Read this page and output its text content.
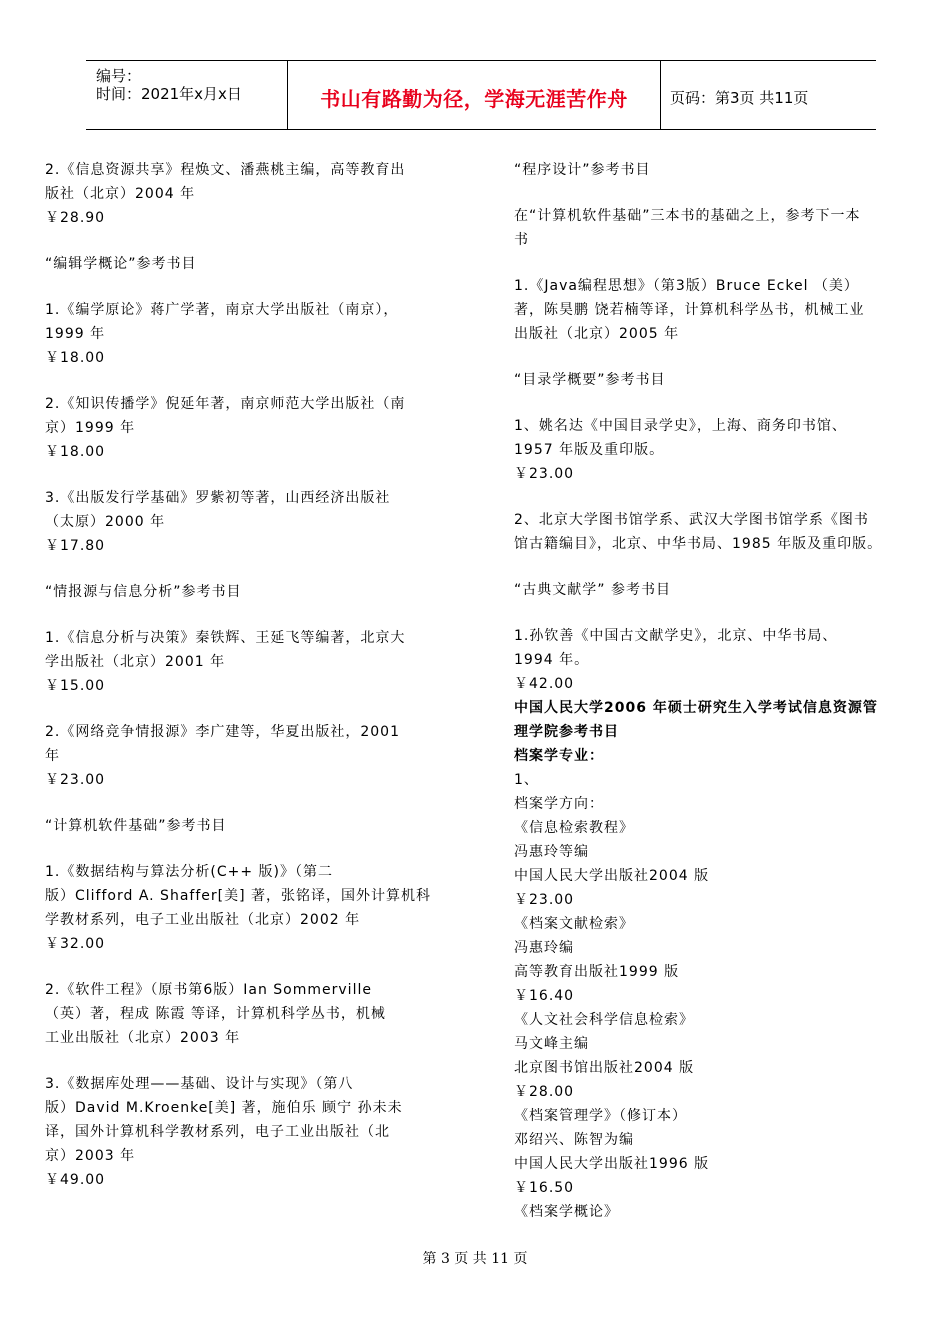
编号：
时间：2021年x月x日	书山有路勤为径，学海无涯苦作舟	页码：第3页 共11页

2.《信息资源共享》程焕文、潘燕桃主编，高等教育出

版社（北京）2004 年

￥28.90

“编辑学概论”参考书目

1.《编学原论》蒋广学著，南京大学出版社（南京），

1999 年

￥18.00

2.《知识传播学》倪延年著，南京师范大学出版社（南

京）1999 年

￥18.00

3.《出版发行学基础》罗紫初等著，山西经济出版社

（太原）2000 年

￥17.80

“情报源与信息分析”参考书目

1.《信息分析与决策》秦铁辉、王延飞等编著，北京大

学出版社（北京）2001 年

￥15.00

2.《网络竞争情报源》李广建等，华夏出版社，2001

年

￥23.00

“计算机软件基础”参考书目

1.《数据结构与算法分析(C++ 版)》（第二

版）Clifford A. Shaffer[美] 著，张铭译，国外计算机科

学教材系列，电子工业出版社（北京）2002 年

￥32.00

2.《软件工程》（原书第6版）Ian Sommerville

（英）著，程成 陈霞 等译，计算机科学丛书，机械

工业出版社（北京）2003 年

3.《数据库处理——基础、设计与实现》（第八

版）David M.Kroenke[美] 著，施伯乐 顾宁 孙未未

译，国外计算机科学教材系列，电子工业出版社（北

京）2003 年

￥49.00

“程序设计”参考书目

在“计算机软件基础”三本书的基础之上，参考下一本

书

1.《Java编程思想》（第3版）Bruce Eckel （美）

著，陈昊鹏 饶若楠等译，计算机科学丛书，机械工业

出版社（北京）2005 年

“目录学概要”参考书目

1、姚名达《中国目录学史》，上海、商务印书馆、

1957 年版及重印版。

￥23.00

2、北京大学图书馆学系、武汉大学图书馆学系《图书

馆古籍编目》，北京、中华书局、1985 年版及重印版。

“古典文献学” 参考书目

1.孙钦善《中国古文献学史》，北京、中华书局、

1994 年。

￥42.00

中国人民大学2006 年硕士研究生入学考试信息资源管

理学院参考书目

档案学专业：

1、

档案学方向：

《信息检索教程》

冯惠玲等编

中国人民大学出版社2004 版

￥23.00

《档案文献检索》

冯惠玲编

高等教育出版社1999 版

￥16.40

《人文社会科学信息检索》

马文峰主编

北京图书馆出版社2004 版

￥28.00

《档案管理学》（修订本）

邓绍兴、陈智为编

中国人民大学出版社1996 版

￥16.50

《档案学概论》

第 3 页 共 11 页
